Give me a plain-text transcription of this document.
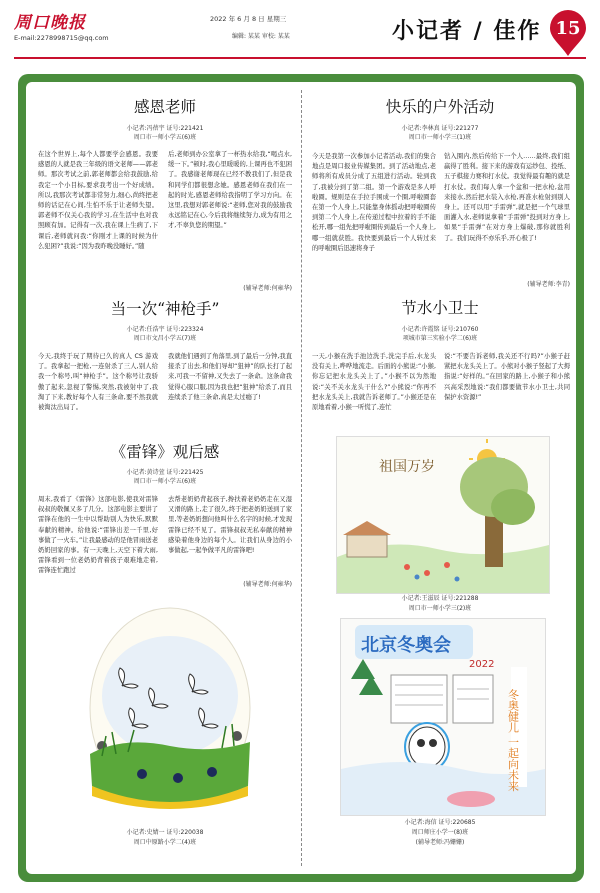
周口晚报
E-mail:2278998715@qq.com
2022 年 6 月 8 日 星期三
编辑: 某某 审校: 某某	小记者 / 佳作 15
感恩老师
小记者:冯蓓宇 证号:221421
周口市一师小学五(6)班
在这个世界上,每个人都要学会感恩。我要感恩的人就是我三年级的语文老师——郭老师。那次考试之前,郭老师都会给我鼓励,给我定一个小目标,要求我考出一个好成绩。所以,我那次考试都非常努力,细心,尚终把老师的话记在心间,生怕不乐于让老师失望。郭老师不仅关心我的学习,在生活中也对我照顾有加。记得有一次,我在课上生病了,下课后,老师就问我:“你刚才上课的时候为什么犯困?”我说:“因为我昨晚没睡好。”随
后,老师到办公室拿了一杯热水给我,“喝点水,缓一下。”顿时,我心里暖暖的,上课再也不犯困了。我感谢老师现在已经不教我们了,但是我和同学们都很想念她。感恩老师在我们在一起的时光,感恩老师给我指明了学习方向。在这里,我想对郭老师说:“老师,您对我的鼓励我永远铭记在心,今后我将继续努力,成为有用之才,不辜负您的期望。”
(辅导老师:何雍华)
当一次“神枪手”
小记者:任浩宇 证号:223324
周口市文昌小学五(7)班
今天,我终于玩了期待已久的真人 CS 游戏了。我拿起一把枪,一连射杀了三人,别人给我一个称号,叫“神枪手”。这个称号让我骄傲了起来,忽视了警惕,突然,我被射中了,我淘了下来,教好每个人有三条命,要不然我就被淘汰出局了。
我就他们遇到了角落里,到了最后一分钟,我直接杀了出去,和他们导却“狙神”的队长打了起来,可我一不留神,又失去了一条命。这条命我觉得心服口服,因为我也把“狙神”给杀了,而且连续杀了他三条命,真是太过瘾了!
《雷锋》观后感
小记者:黄诗萱 证号:221425
周口市一师小学五(6)班
周末,我看了《雷锋》这部电影,使我对雷锋叔叔的敬佩又多了几分。这部电影主要讲了雷锋在他的一生中以帮助别人为快乐,默默奉献的精神。给他说:“雷锋出差一千里,好事做了一火车。”让我最感动的是他冒雨送老奶奶回家的事。有一天晚上,天空下着大雨,雷锋看到一位老奶奶背着孩子艰难地走着,雷锋连忙跑过
去帮老奶奶背起孩子,搀扶着老奶奶走在又湿又滑的路上,走了很久,终于把老奶奶送到了家里,等老奶奶想问他叫什么名字的时候,才发现雷锋已经不见了。雷锋叔叔无私奉献的精神感染着他身边的每个人。让我们从身边的小事做起,一起争做平凡的雷锋吧!
(辅导老师:何雍华)
小记者:史婧一 证号:220038
周口中原路小学二(4)班
快乐的户外活动
小记者:李林真 证号:221277
周口市一师小学三(1)班
今天是我第一次参加小记者活动,我们的集合地点是周口报业传媒集团。到了活动地点,老师将所有成员分成了五组进行活动。轮到我了,我被分到了第二组。第一个游戏是多人呼啦圈。规则是在手拉手围成一个圈,呼啦圈套在第一个人身上,只能靠身体摇动把呼啦圈传到第二个人身上,在传递过程中拉着的手不能松开,哪一组先把呼啦圈传到最后一个人身上,哪一组就获胜。我快要到最后一个人转过来的呼啦圈后迅速将身子
钻入圈内,然后传给下一个人……最终,我们组赢得了胜利。接下来的游戏有运纱包、投纸、五子棋接力赛和打水仗。我觉得最有趣的就是打水仗。我们每人拿一个盆和一把水枪,盆用来接水,然后把水装入水枪,再准水枪射到别人身上。还可以用“手雷弹”,就是把一个气球里面灌入水,老师说拿着“手雷弹”投到对方身上,如果“手雷弹”在对方身上爆破,那你就胜利了。我们玩得不亦乐乎,开心极了!
(辅导老师:李青)
节水小卫士
小记者:许霞铭 证号:210760
项城市第三实验小学二(6)班
一天,小猴在洗手池边洗手,洗完手后,水龙头没有关上,哗哗地流走。后面的小熊说:“小猴,你忘记把水龙头关上了。”小猴不以为然地说:“关不关水龙头干什么?”小熊说:“你再不把水龙头关上,我就告诉老师了。”小猴还是在原地看着,小猴一听慌了,连忙
说:“不要告诉老师,我关还不行吗?”小猴子赶紧把水龙头关上了。小熊对小猴子竖起了大拇指说:“好样的。”在回家的路上,小猴子和小熊兴高采烈地说:“我们都要做节水小卫士,共同保护水资源!”
祖国万岁
小记者:王滋辰 证号:221288
周口市一师小学三(2)班
北京冬奥会
2022
冬奥健儿 一起向未来
小记者:海信 证号:220685
周口师庄小学一(8)班
(辅导老师:冯姗姗)
